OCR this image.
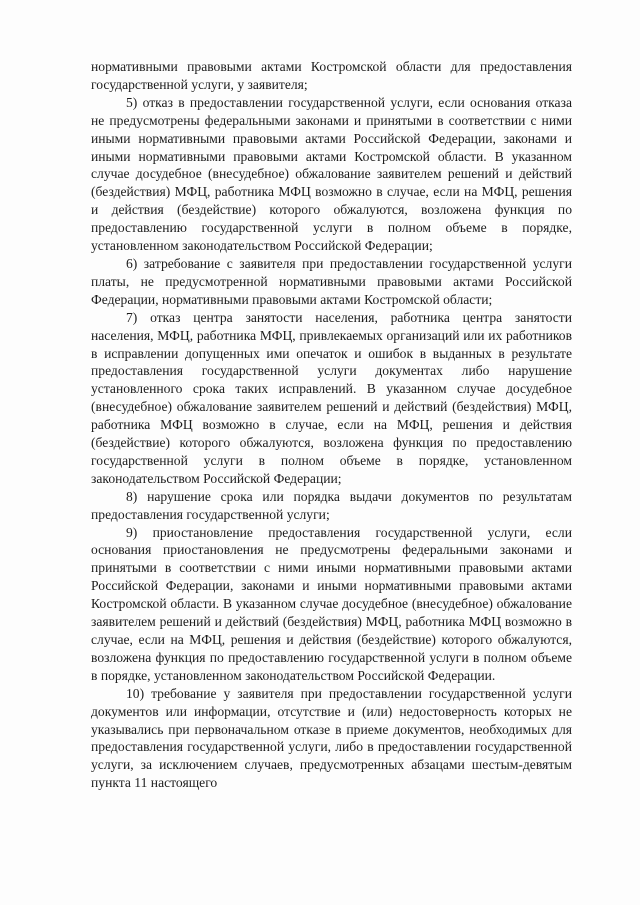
нормативными правовыми актами Костромской области для предоставления государственной услуги, у заявителя;

5) отказ в предоставлении государственной услуги, если основания отказа не предусмотрены федеральными законами и принятыми в соответствии с ними иными нормативными правовыми актами Российской Федерации, законами и иными нормативными правовыми актами Костромской области. В указанном случае досудебное (внесудебное) обжалование заявителем решений и действий (бездействия) МФЦ, работника МФЦ возможно в случае, если на МФЦ, решения и действия (бездействие) которого обжалуются, возложена функция по предоставлению государственной услуги в полном объеме в порядке, установленном законодательством Российской Федерации;

6) затребование с заявителя при предоставлении государственной услуги платы, не предусмотренной нормативными правовыми актами Российской Федерации, нормативными правовыми актами Костромской области;

7) отказ центра занятости населения, работника центра занятости населения, МФЦ, работника МФЦ, привлекаемых организаций или их работников в исправлении допущенных ими опечаток и ошибок в выданных в результате предоставления государственной услуги документах либо нарушение установленного срока таких исправлений. В указанном случае досудебное (внесудебное) обжалование заявителем решений и действий (бездействия) МФЦ, работника МФЦ возможно в случае, если на МФЦ, решения и действия (бездействие) которого обжалуются, возложена функция по предоставлению государственной услуги в полном объеме в порядке, установленном законодательством Российской Федерации;

8) нарушение срока или порядка выдачи документов по результатам предоставления государственной услуги;

9) приостановление предоставления государственной услуги, если основания приостановления не предусмотрены федеральными законами и принятыми в соответствии с ними иными нормативными правовыми актами Российской Федерации, законами и иными нормативными правовыми актами Костромской области. В указанном случае досудебное (внесудебное) обжалование заявителем решений и действий (бездействия) МФЦ, работника МФЦ возможно в случае, если на МФЦ, решения и действия (бездействие) которого обжалуются, возложена функция по предоставлению государственной услуги в полном объеме в порядке, установленном законодательством Российской Федерации.

10) требование у заявителя при предоставлении государственной услуги документов или информации, отсутствие и (или) недостоверность которых не указывались при первоначальном отказе в приеме документов, необходимых для предоставления государственной услуги, либо в предоставлении государственной услуги, за исключением случаев, предусмотренных абзацами шестым-девятым пункта 11 настоящего
